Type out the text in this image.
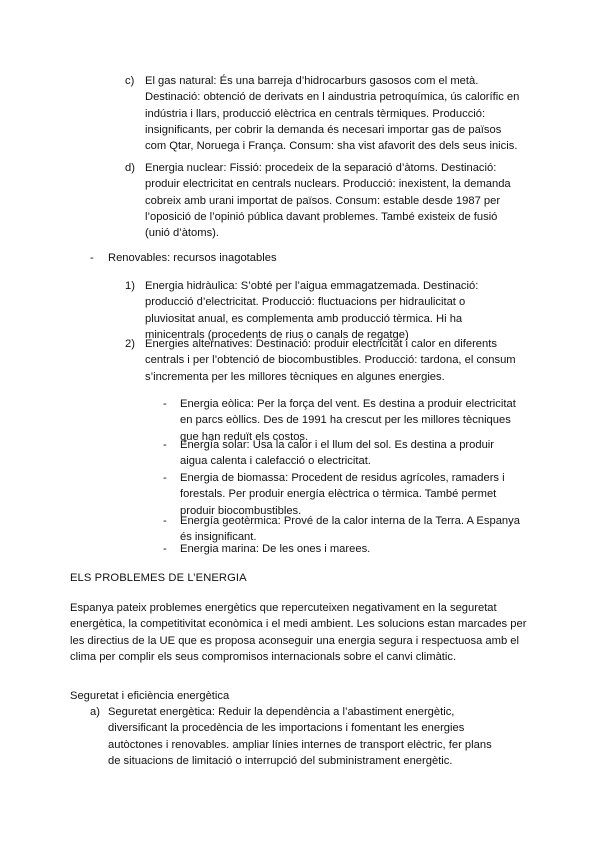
c) El gas natural: És una barreja d’hidrocarburs gasosos com el metà. Destinació: obtenció de derivats en l aindustria petroquímica, ús calorífic en indústria i llars, producció elèctrica en centrals tèrmiques. Producció: insignificants, per cobrir la demanda és necesari importar gas de països com Qtar, Noruega i França. Consum: sha vist afavorit des dels seus inicis.
d) Energia nuclear: Fissió: procedeix de la separació d’àtoms. Destinació: produir electricitat en centrals nuclears. Producció: inexistent, la demanda cobreix amb urani importat de països. Consum: estable desde 1987 per l’oposició de l’opinió pública davant problemes. També existeix de fusió (unió d’àtoms).
- Renovables: recursos inagotables
1) Energia hidràulica: S’obté per l’aigua emmagatzemada. Destinació: producció d’electricitat. Producció: fluctuacions per hidraulicitat o pluviositat anual, es complementa amb producció tèrmica. Hi ha minicentrals (procedents de rius o canals de regatge)
2) Energies alternatives: Destinació: produir electricitat i calor en diferents centrals i per l’obtenció de biocombustibles. Producció: tardona, el consum s’incrementa per les millores tècniques en algunes energies.
- Energia eòlica: Per la força del vent. Es destina a produir electricitat en parcs eòllics. Des de 1991 ha crescut per les millores tècniques que han reduït els costos.
- Energía solar: Usa la calor i el llum del sol. Es destina a produir aigua calenta i calefacció o electricitat.
- Energia de biomassa: Procedent de residus agrícoles, ramaders i forestals. Per produir energía elèctrica o tèrmica. També permet produir biocombustibles.
- Energía geotèrmica: Prové de la calor interna de la Terra. A Espanya és insignificant.
- Energia marina: De les ones i marees.
ELS PROBLEMES DE L’ENERGIA
Espanya pateix problemes energètics que repercuteixen negativament en la seguretat energètica, la competitivitat econòmica i el medi ambient. Les solucions estan marcades per les directius de la UE que es proposa aconseguir una energia segura i respectuosa amb el clima per complir els seus compromisos internacionals sobre el canvi climàtic.
Seguretat i eficiència energètica
a) Seguretat energètica: Reduir la dependència a l’abastiment energètic, diversificant la procedència de les importacions i fomentant les energies autòctones i renovables. ampliar línies internes de transport elèctric, fer plans de situacions de limitació o interrupció del subministrament energètic.
